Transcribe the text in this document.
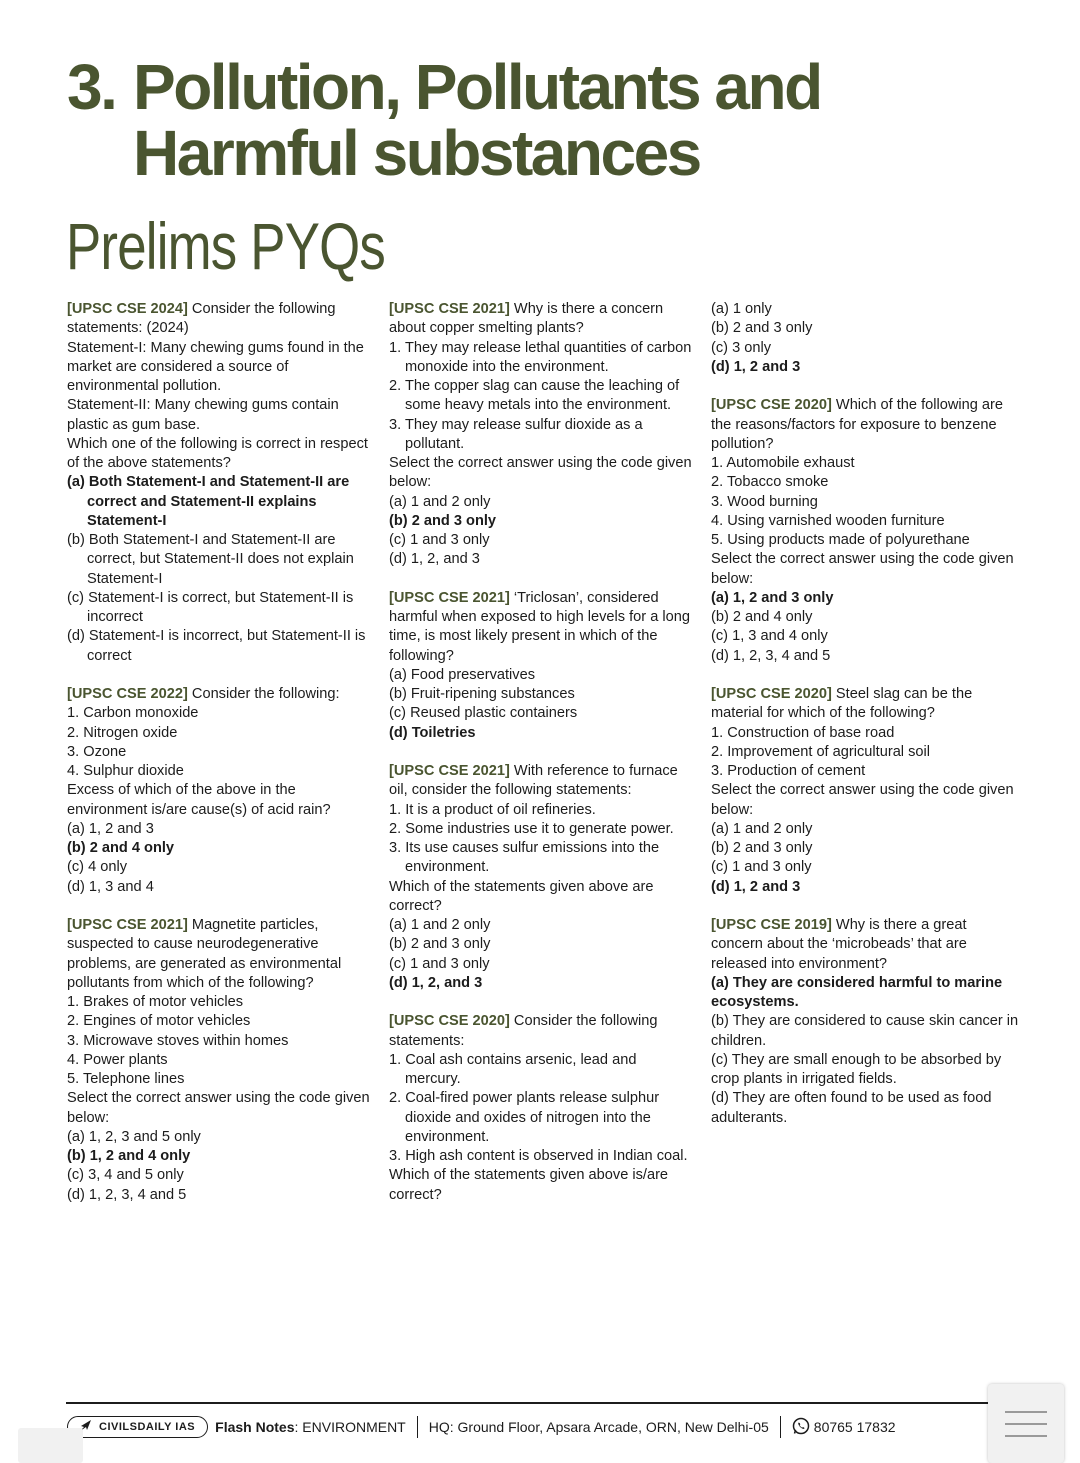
3. Pollution, Pollutants and
Harmful substances
Prelims PYQs
[UPSC CSE 2024] Consider the following statements: (2024)
Statement-I: Many chewing gums found in the market are considered a source of environmental pollution.
Statement-II: Many chewing gums contain plastic as gum base.
Which one of the following is correct in respect of the above statements?
(a) Both Statement-I and Statement-II are correct and Statement-II explains Statement-I
(b) Both Statement-I and Statement-II are correct, but Statement-II does not explain Statement-I
(c) Statement-I is correct, but Statement-II is incorrect
(d) Statement-I is incorrect, but Statement-II is correct
[UPSC CSE 2022] Consider the following:
1. Carbon monoxide
2. Nitrogen oxide
3. Ozone
4. Sulphur dioxide
Excess of which of the above in the environment is/are cause(s) of acid rain?
(a) 1, 2 and 3
(b) 2 and 4 only
(c) 4 only
(d) 1, 3 and 4
[UPSC CSE 2021] Magnetite particles, suspected to cause neurodegenerative problems, are generated as environmental pollutants from which of the following?
1. Brakes of motor vehicles
2. Engines of motor vehicles
3. Microwave stoves within homes
4. Power plants
5. Telephone lines
Select the correct answer using the code given below:
(a) 1, 2, 3 and 5 only
(b) 1, 2 and 4 only
(c) 3, 4 and 5 only
(d) 1, 2, 3, 4 and 5
[UPSC CSE 2021] Why is there a concern about copper smelting plants?
1. They may release lethal quantities of carbon monoxide into the environment.
2. The copper slag can cause the leaching of some heavy metals into the environment.
3. They may release sulfur dioxide as a pollutant.
Select the correct answer using the code given below:
(a) 1 and 2 only
(b) 2 and 3 only
(c) 1 and 3 only
(d) 1, 2, and 3
[UPSC CSE 2021] ‘Triclosan’, considered harmful when exposed to high levels for a long time, is most likely present in which of the following?
(a) Food preservatives
(b) Fruit-ripening substances
(c) Reused plastic containers
(d) Toiletries
[UPSC CSE 2021] With reference to furnace oil, consider the following statements:
1. It is a product of oil refineries.
2. Some industries use it to generate power.
3. Its use causes sulfur emissions into the environment.
Which of the statements given above are correct?
(a) 1 and 2 only
(b) 2 and 3 only
(c) 1 and 3 only
(d) 1, 2, and 3
[UPSC CSE 2020] Consider the following statements:
1. Coal ash contains arsenic, lead and mercury.
2. Coal-fired power plants release sulphur dioxide and oxides of nitrogen into the environment.
3. High ash content is observed in Indian coal.
Which of the statements given above is/are correct?
(a) 1 only
(b) 2 and 3 only
(c) 3 only
(d) 1, 2 and 3
[UPSC CSE 2020] Which of the following are the reasons/factors for exposure to benzene pollution?
1. Automobile exhaust
2. Tobacco smoke
3. Wood burning
4. Using varnished wooden furniture
5. Using products made of polyurethane
Select the correct answer using the code given below:
(a) 1, 2 and 3 only
(b) 2 and 4 only
(c) 1, 3 and 4 only
(d) 1, 2, 3, 4 and 5
[UPSC CSE 2020] Steel slag can be the material for which of the following?
1. Construction of base road
2. Improvement of agricultural soil
3. Production of cement
Select the correct answer using the code given below:
(a) 1 and 2 only
(b) 2 and 3 only
(c) 1 and 3 only
(d) 1, 2 and 3
[UPSC CSE 2019] Why is there a great concern about the ‘microbeads’ that are released into environment?
(a) They are considered harmful to marine ecosystems.
(b) They are considered to cause skin cancer in children.
(c) They are small enough to be absorbed by crop plants in irrigated fields.
(d) They are often found to be used as food adulterants.
CIVILSDAILY IAS Flash Notes : ENVIRONMENT HQ: Ground Floor, Apsara Arcade, ORN, New Delhi-05	80765 17832
